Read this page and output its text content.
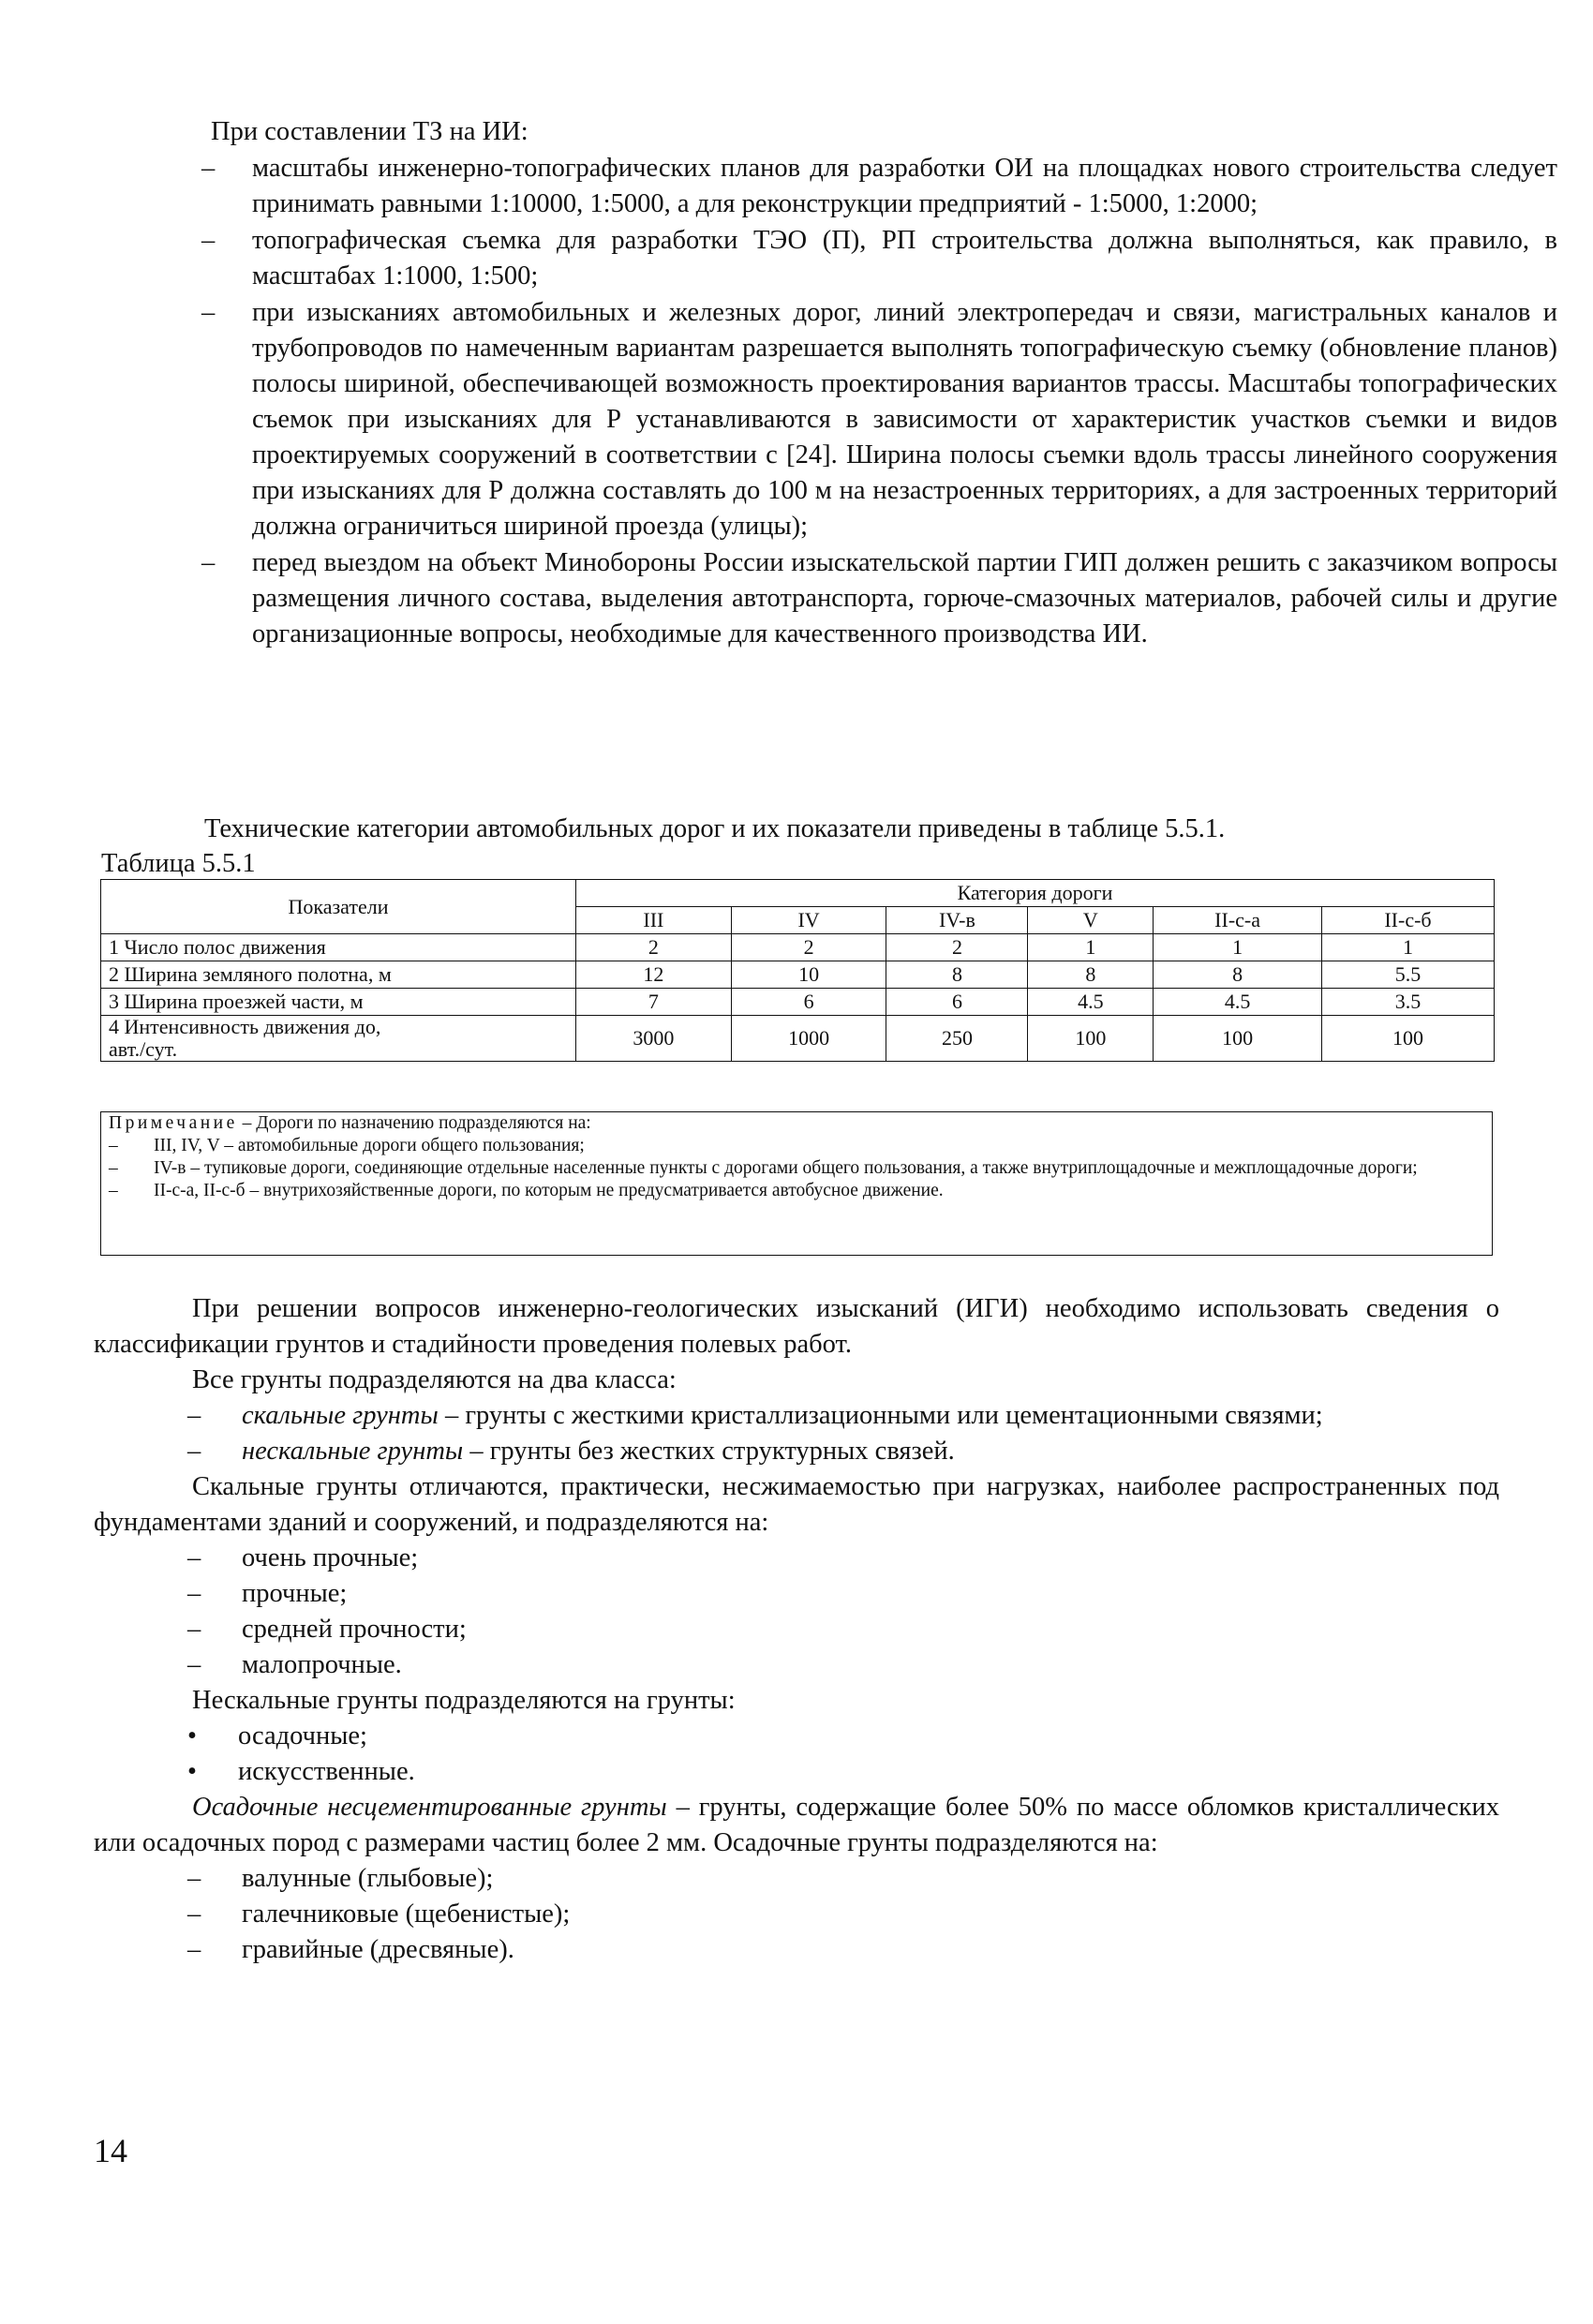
При составлении ТЗ на ИИ:

– масштабы инженерно-топографических планов для разработки ОИ на площадках нового строительства следует принимать равными 1:10000, 1:5000, а для реконструкции предприятий - 1:5000, 1:2000;

– топографическая съемка для разработки ТЭО (П), РП строительства должна выполняться, как правило, в масштабах 1:1000, 1:500;

– при изысканиях автомобильных и железных дорог, линий электропередач и связи, магистральных каналов и трубопроводов по намеченным вариантам разрешается выполнять топографическую съемку (обновление планов) полосы шириной, обеспечивающей возможность проектирования вариантов трассы. Масштабы топографических съемок при изысканиях для Р устанавливаются в зависимости от характеристик участков съемки и видов проектируемых сооружений в соответствии с [24]. Ширина полосы съемки вдоль трассы линейного сооружения при изысканиях для Р должна составлять до 100 м на незастроенных территориях, а для застроенных территорий должна ограничиться шириной проезда (улицы);

– перед выездом на объект Минобороны России изыскательской партии ГИП должен решить с заказчиком вопросы размещения личного состава, выделения автотранспорта, горюче-смазочных материалов, рабочей силы и другие организационные вопросы, необходимые для качественного производства ИИ.

Технические категории автомобильных дорог и их показатели приведены в таблице 5.5.1.

Таблица 5.5.1

Показатели	Категория дороги					
	III	IV	IV-в	V	II-с-а	II-с-б
1 Число полос движения	2	2	2	1	1	1
2 Ширина земляного полотна, м	12	10	8	8	8	5.5
3 Ширина проезжей части, м	7	6	6	4.5	4.5	3.5
4 Интенсивность движения до,
авт./сут.	3000	1000	250	100	100	100
Примечание – Дороги по назначению подразделяются на:
– III, IV, V – автомобильные дороги общего пользования;
– IV-в – тупиковые дороги, соединяющие отдельные населенные пункты с дорогами общего пользования, а также внутриплощадочные и межплощадочные дороги;
– II-с-а, II-с-б – внутрихозяйственные дороги, по которым не предусматривается автобусное движение.

При решении вопросов инженерно-геологических изысканий (ИГИ) необходимо использовать сведения о классификации грунтов и стадийности проведения полевых работ.

Все грунты подразделяются на два класса:

– скальные грунты – грунты с жесткими кристаллизационными или цементационными связями;

– нескальные грунты – грунты без жестких структурных связей.

Скальные грунты отличаются, практически, несжимаемостью при нагрузках, наиболее распространенных под фундаментами зданий и сооружений, и подразделяются на:

– очень прочные;

– прочные;

– средней прочности;

– малопрочные.

Нескальные грунты подразделяются на грунты:

• осадочные;

• искусственные.

Осадочные несцементированные грунты – грунты, содержащие более 50% по массе обломков кристаллических или осадочных пород с размерами частиц более 2 мм. Осадочные грунты подразделяются на:

– валунные (глыбовые);

– галечниковые (щебенистые);

– гравийные (дресвяные).

14
